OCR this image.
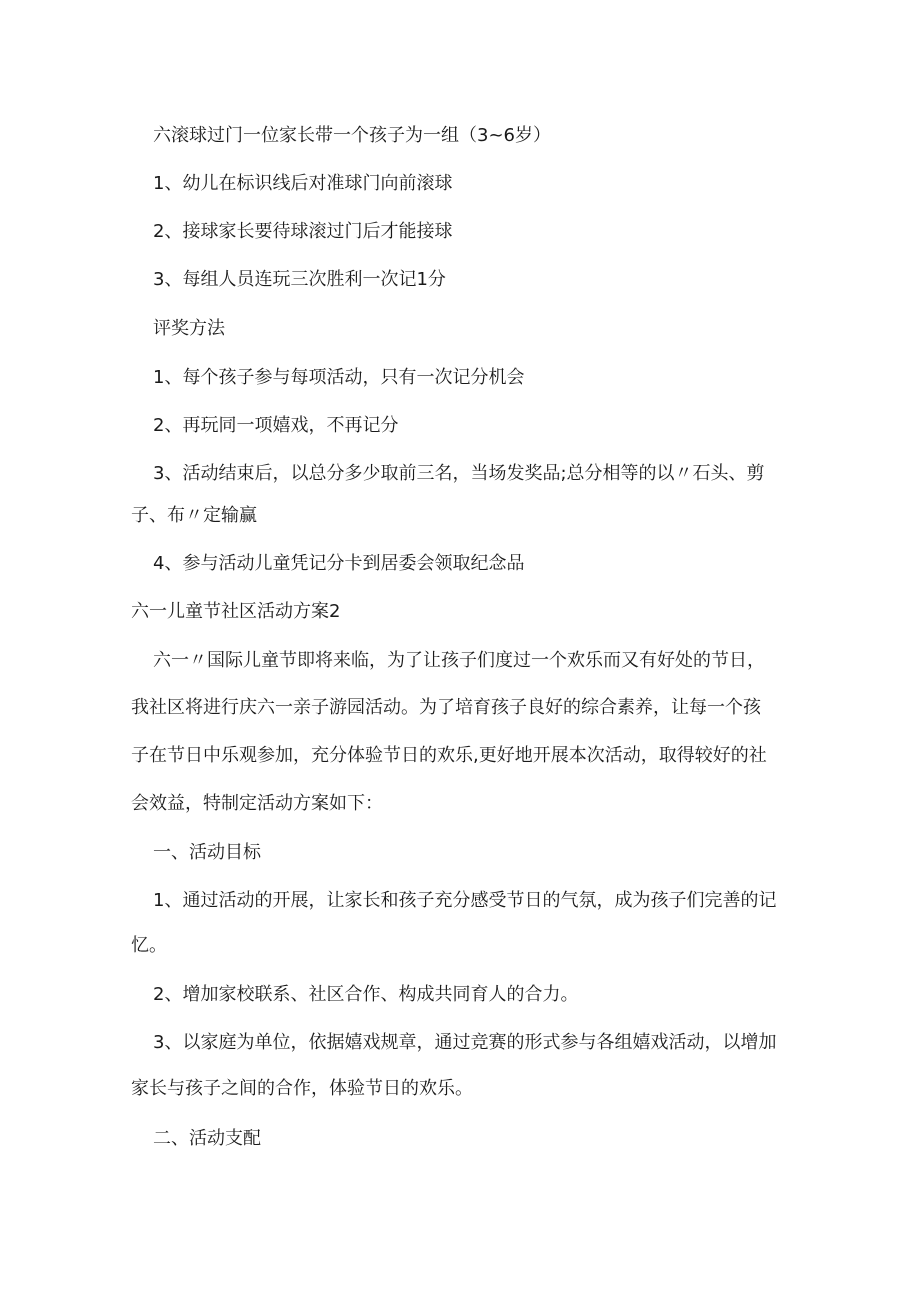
六滚球过门一位家长带一个孩子为一组（3~6岁）
1、幼儿在标识线后对准球门向前滚球
2、接球家长要待球滚过门后才能接球
3、每组人员连玩三次胜利一次记1分
评奖方法
1、每个孩子参与每项活动，只有一次记分机会
2、再玩同一项嬉戏，不再记分
3、活动结束后，以总分多少取前三名，当场发奖品;总分相等的以〃石头、剪
子、布〃定输赢
4、参与活动儿童凭记分卡到居委会领取纪念品
六一儿童节社区活动方案2
六一〃国际儿童节即将来临，为了让孩子们度过一个欢乐而又有好处的节日，
我社区将进行庆六一亲子游园活动。为了培育孩子良好的综合素养，让每一个孩
子在节日中乐观参加，充分体验节日的欢乐,更好地开展本次活动，取得较好的社
会效益，特制定活动方案如下：
一、活动目标
1、通过活动的开展，让家长和孩子充分感受节日的气氛，成为孩子们完善的记
忆。
2、增加家校联系、社区合作、构成共同育人的合力。
3、以家庭为单位，依据嬉戏规章，通过竞赛的形式参与各组嬉戏活动，以增加
家长与孩子之间的合作，体验节日的欢乐。
二、活动支配
